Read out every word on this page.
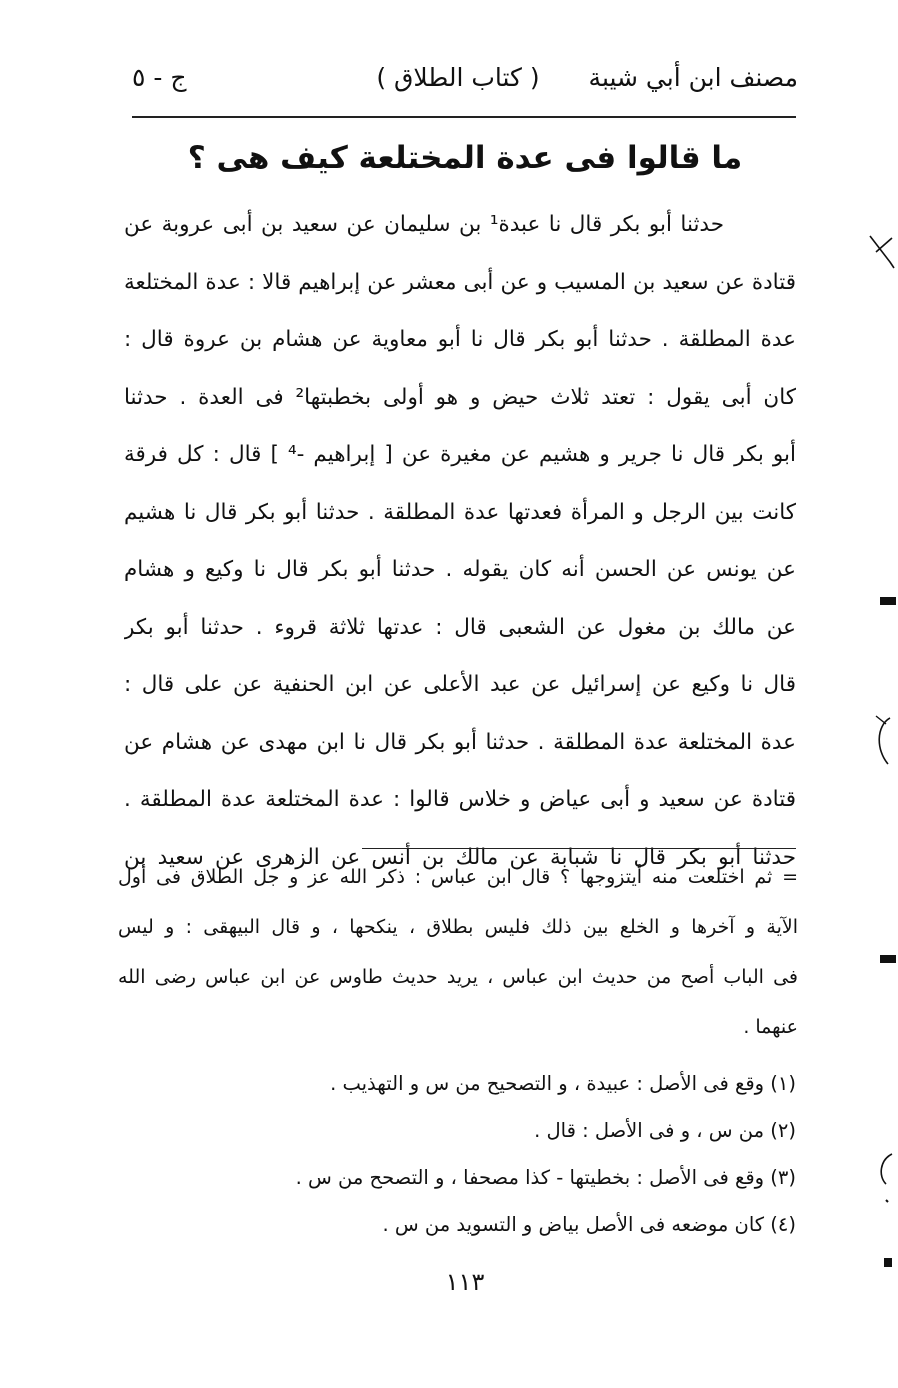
مصنف ابن أبي شيبة
( كتاب الطلاق )
ج - ٥
ما قالوا فى عدة المختلعة كيف هى ؟
حدثنا أبو بكر قال نا عبدة¹ بن سليمان عن سعيد بن أبى عروبة عن
قتادة عن سعيد بن المسيب و عن أبى معشر عن إبراهيم قالا : عدة المختلعة
عدة المطلقة . حدثنا أبو بكر قال نا أبو معاوية عن هشام بن عروة قال :
كان أبى يقول : تعتد ثلاث حيض و هو أولى بخطبتها² فى العدة . حدثنا
أبو بكر قال نا جرير و هشيم عن مغيرة عن [ إبراهيم -⁴ ] قال : كل فرقة
كانت بين الرجل و المرأة فعدتها عدة المطلقة . حدثنا أبو بكر قال نا هشيم
عن يونس عن الحسن أنه كان يقوله . حدثنا أبو بكر قال نا وكيع و هشام
عن مالك بن مغول عن الشعبى قال : عدتها ثلاثة قروء . حدثنا أبو بكر
قال نا وكيع عن إسرائيل عن عبد الأعلى عن ابن الحنفية عن على قال :
عدة المختلعة عدة المطلقة . حدثنا أبو بكر قال نا ابن مهدى عن هشام عن
قتادة عن سعيد و أبى عياض و خلاس قالوا : عدة المختلعة عدة المطلقة .
حدثنا أبو بكر قال نا شبابة عن مالك بن أنس عن الزهرى عن سعيد بن
= ثم اختلعت منه أيتزوجها ؟ قال ابن عباس : ذكر الله عز و جل الطلاق فى أول
الآية و آخرها و الخلع بين ذلك فليس بطلاق ، ينكحها ، و قال البيهقى : و ليس
فى الباب أصح من حديث ابن عباس ، يريد حديث طاوس عن ابن عباس رضى الله
عنهما .
(١) وقع فى الأصل : عبيدة ، و التصحيح من س و التهذيب .
(٢) من س ، و فى الأصل : قال .
(٣) وقع فى الأصل : بخطيتها - كذا مصحفا ، و التصحح من س .
(٤) كان موضعه فى الأصل بياض و التسويد من س .
١١٣
